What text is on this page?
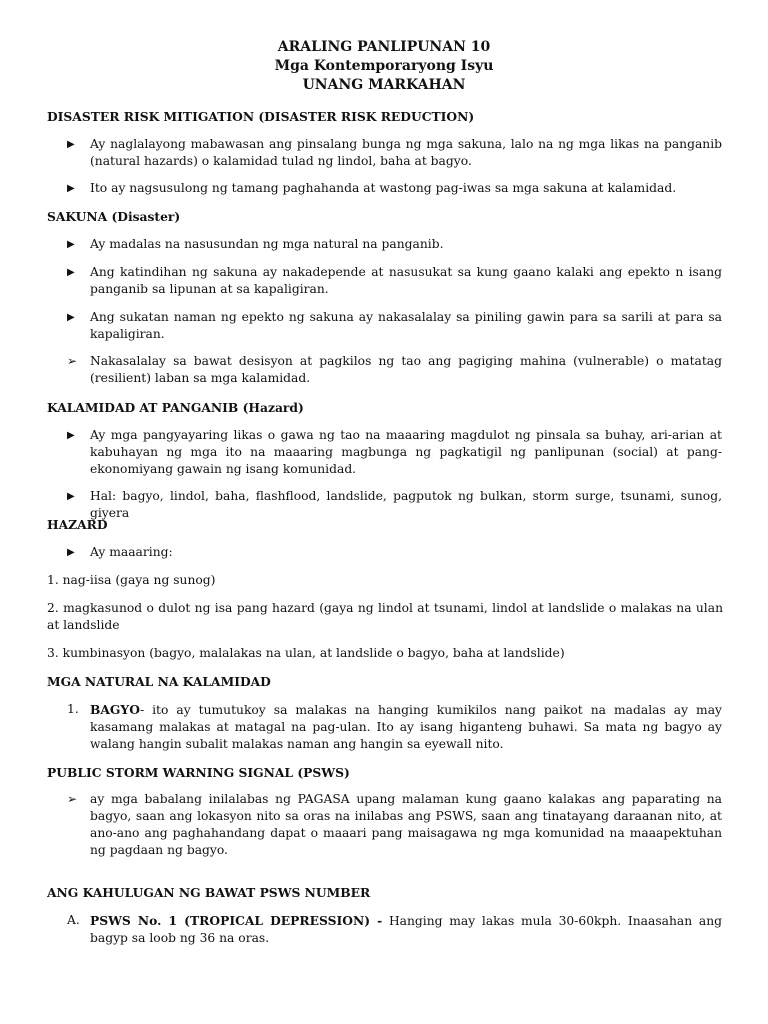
ARALING PANLIPUNAN 10
Mga Kontemporaryong Isyu
UNANG MARKAHAN
DISASTER RISK MITIGATION (DISASTER RISK REDUCTION)
▶ Ay naglalayong mabawasan ang pinsalang bunga ng mga sakuna, lalo na ng mga likas na panganib (natural hazards) o kalamidad tulad ng lindol, baha at bagyo.
▶ Ito ay nagsusulong ng tamang paghahanda at wastong pag-iwas sa mga sakuna at kalamidad.
SAKUNA (Disaster)
▶ Ay madalas na nasusundan ng mga natural na panganib.
▶ Ang katindihan ng sakuna ay nakadepende at nasusukat sa kung gaano kalaki ang epekto n isang panganib sa lipunan at sa kapaligiran.
▶ Ang sukatan naman ng epekto ng sakuna ay nakasalalay sa piniling gawin para sa sarili at para sa kapaligiran.
➢ Nakasalalay sa bawat desisyon at pagkilos ng tao ang pagiging mahina (vulnerable) o matatag (resilient) laban sa mga kalamidad.
KALAMIDAD AT PANGANIB (Hazard)
▶ Ay mga pangyayaring likas o gawa ng tao na maaaring magdulot ng pinsala sa buhay, ari-arian at kabuhayan ng mga ito na maaaring magbunga ng pagkatigil ng panlipunan (social) at pang-ekonomiyang gawain ng isang komunidad.
▶ Hal: bagyo, lindol, baha, flashflood, landslide, pagputok ng bulkan, storm surge, tsunami, sunog, giyera
HAZARD
▶ Ay maaaring:
1. nag-iisa (gaya ng sunog)
2. magkasunod o dulot ng isa pang hazard (gaya ng lindol at tsunami, lindol at landslide o malakas na ulan at landslide
3. kumbinasyon (bagyo, malalakas na ulan, at landslide o bagyo, baha at landslide)
MGA NATURAL NA KALAMIDAD
1. BAGYO- ito ay tumutukoy sa malakas na hanging kumikilos nang paikot na madalas ay may kasamang malakas at matagal na pag-ulan. Ito ay isang higanteng buhawi. Sa mata ng bagyo ay walang hangin subalit malakas naman ang hangin sa eyewall nito.
PUBLIC STORM WARNING SIGNAL (PSWS)
➢ ay mga babalang inilalabas ng PAGASA upang malaman kung gaano kalakas ang paparating na bagyo, saan ang lokasyon nito sa oras na inilabas ang PSWS, saan ang tinatayang daraanan nito, at ano-ano ang paghahandang dapat o maaari pang maisagawa ng mga komunidad na maaapektuhan ng pagdaan ng bagyo.
ANG KAHULUGAN NG BAWAT PSWS NUMBER
A. PSWS No. 1 (TROPICAL DEPRESSION) - Hanging may lakas mula 30-60kph. Inaasahan ang bagyp sa loob ng 36 na oras.
